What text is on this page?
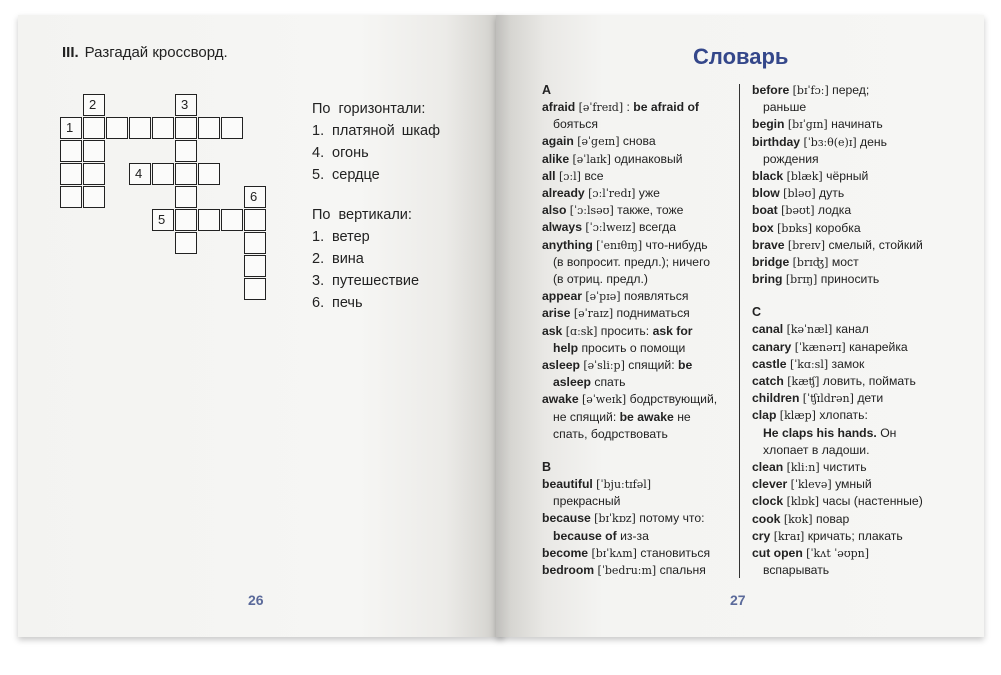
III. Разгадай кроссворд.
2	3
1
4
6
5
По горизонтали:
1. платяной шкаф
4. огонь
5. сердце
По вертикали:
1. ветер
2. вина
3. путешествие
6. печь
26
Словарь
A
afraid [əˈfreɪd] : be afraid of
бояться
again [əˈgeɪn] снова
alike [əˈlaɪk] одинаковый
all [ɔːl] все
already [ɔːlˈredɪ] уже
also [ˈɔːlsəʊ] также, тоже
always [ˈɔːlweɪz] всегда
anything [ˈenɪθɪŋ] что-нибудь
(в вопросит. предл.); ничего
(в отриц. предл.)
appear [əˈpɪə] появляться
arise [əˈraɪz] подниматься
ask [ɑːsk] просить: ask for
help просить о помощи
asleep [əˈsliːp] спящий: be
asleep спать
awake [əˈweɪk] бодрствующий,
не спящий: be awake не
спать, бодрствовать
B
beautiful [ˈbjuːtɪfəl]
прекрасный
because [bɪˈkɒz] потому что:
because of из-за
become [bɪˈkʌm] становиться
bedroom [ˈbedruːm] спальня
before [bɪˈfɔː] перед;
раньше
begin [bɪˈgɪn] начинать
birthday [ˈbɜːθ(e)ɪ] день
рождения
black [blæk] чёрный
blow [bləʊ] дуть
boat [bəʊt] лодка
box [bɒks] коробка
brave [breɪv] смелый, стойкий
bridge [brɪʤ] мост
bring [brɪŋ] приносить
C
canal [kəˈnæl] канал
canary [ˈkænərɪ] канарейка
castle [ˈkɑːsl] замок
catch [kæʧ] ловить, поймать
children [ˈʧɪldrən] дети
clap [klæp] хлопать:
He claps his hands. Он
хлопает в ладоши.
clean [kliːn] чистить
clever [ˈklevə] умный
clock [klɒk] часы (настенные)
cook [kʊk] повар
cry [kraɪ] кричать; плакать
cut open [ˈkʌt ˈəʊpn]
вспарывать
27
